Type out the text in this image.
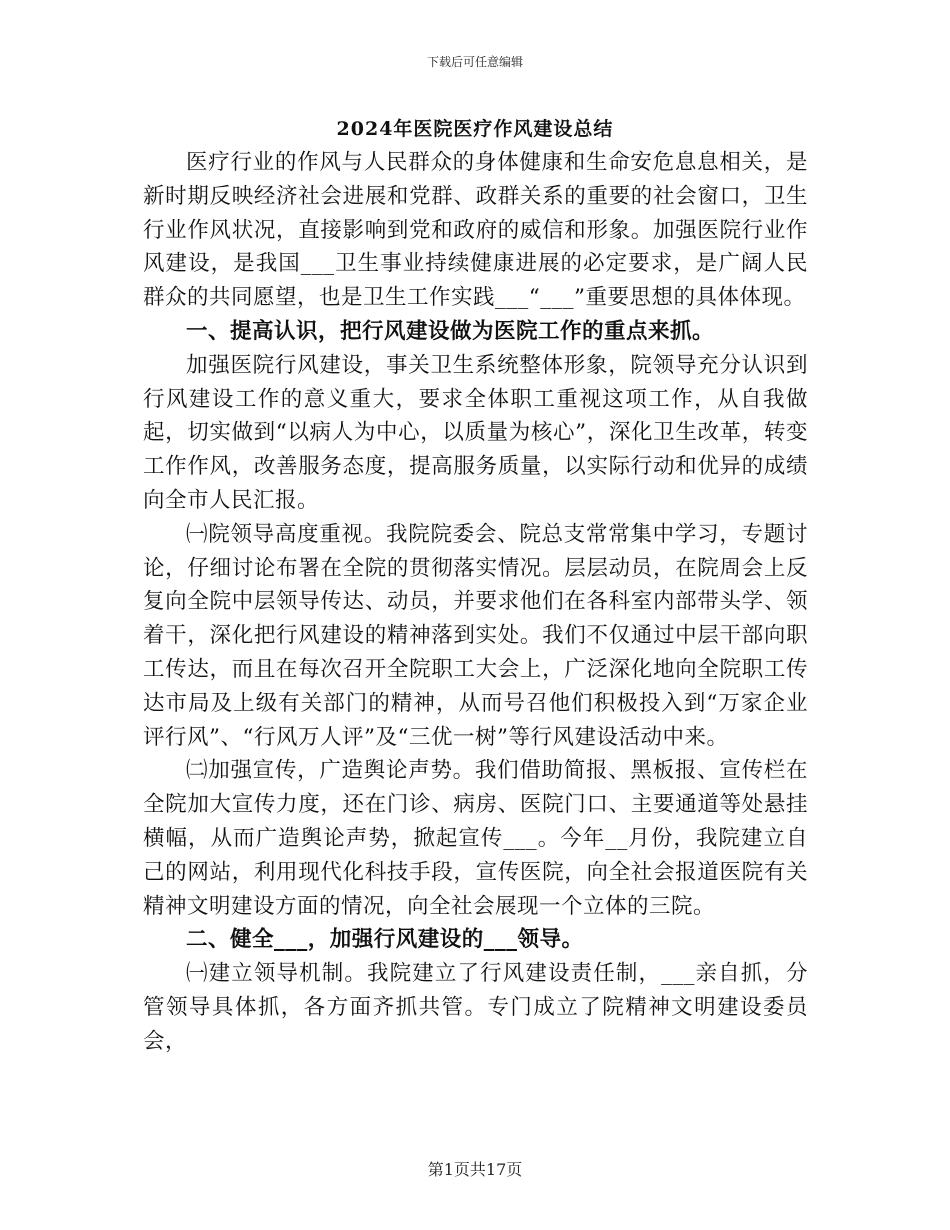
下载后可任意编辑
2024年医院医疗作风建设总结

医疗行业的作风与人民群众的身体健康和生命安危息息相关，是新时期反映经济社会进展和党群、政群关系的重要的社会窗口，卫生行业作风状况，直接影响到党和政府的威信和形象。加强医院行业作风建设，是我国___卫生事业持续健康进展的必定要求，是广阔人民群众的共同愿望，也是卫生工作实践___“___”重要思想的具体体现。

一、提高认识，把行风建设做为医院工作的重点来抓。

加强医院行风建设，事关卫生系统整体形象，院领导充分认识到行风建设工作的意义重大，要求全体职工重视这项工作，从自我做起，切实做到“以病人为中心，以质量为核心”，深化卫生改革，转变工作作风，改善服务态度，提高服务质量，以实际行动和优异的成绩向全市人民汇报。

㈠院领导高度重视。我院院委会、院总支常常集中学习，专题讨论，仔细讨论布署在全院的贯彻落实情况。层层动员，在院周会上反复向全院中层领导传达、动员，并要求他们在各科室内部带头学、领着干，深化把行风建设的精神落到实处。我们不仅通过中层干部向职工传达，而且在每次召开全院职工大会上，广泛深化地向全院职工传达市局及上级有关部门的精神，从而号召他们积极投入到“万家企业评行风”、“行风万人评”及“三优一树”等行风建设活动中来。

㈡加强宣传，广造舆论声势。我们借助简报、黑板报、宣传栏在全院加大宣传力度，还在门诊、病房、医院门口、主要通道等处悬挂横幅，从而广造舆论声势，掀起宣传___。今年__月份，我院建立自己的网站，利用现代化科技手段，宣传医院，向全社会报道医院有关精神文明建设方面的情况，向全社会展现一个立体的三院。

二、健全___，加强行风建设的___领导。

㈠建立领导机制。我院建立了行风建设责任制，___亲自抓，分管领导具体抓，各方面齐抓共管。专门成立了院精神文明建设委员会，

第1页共17页
